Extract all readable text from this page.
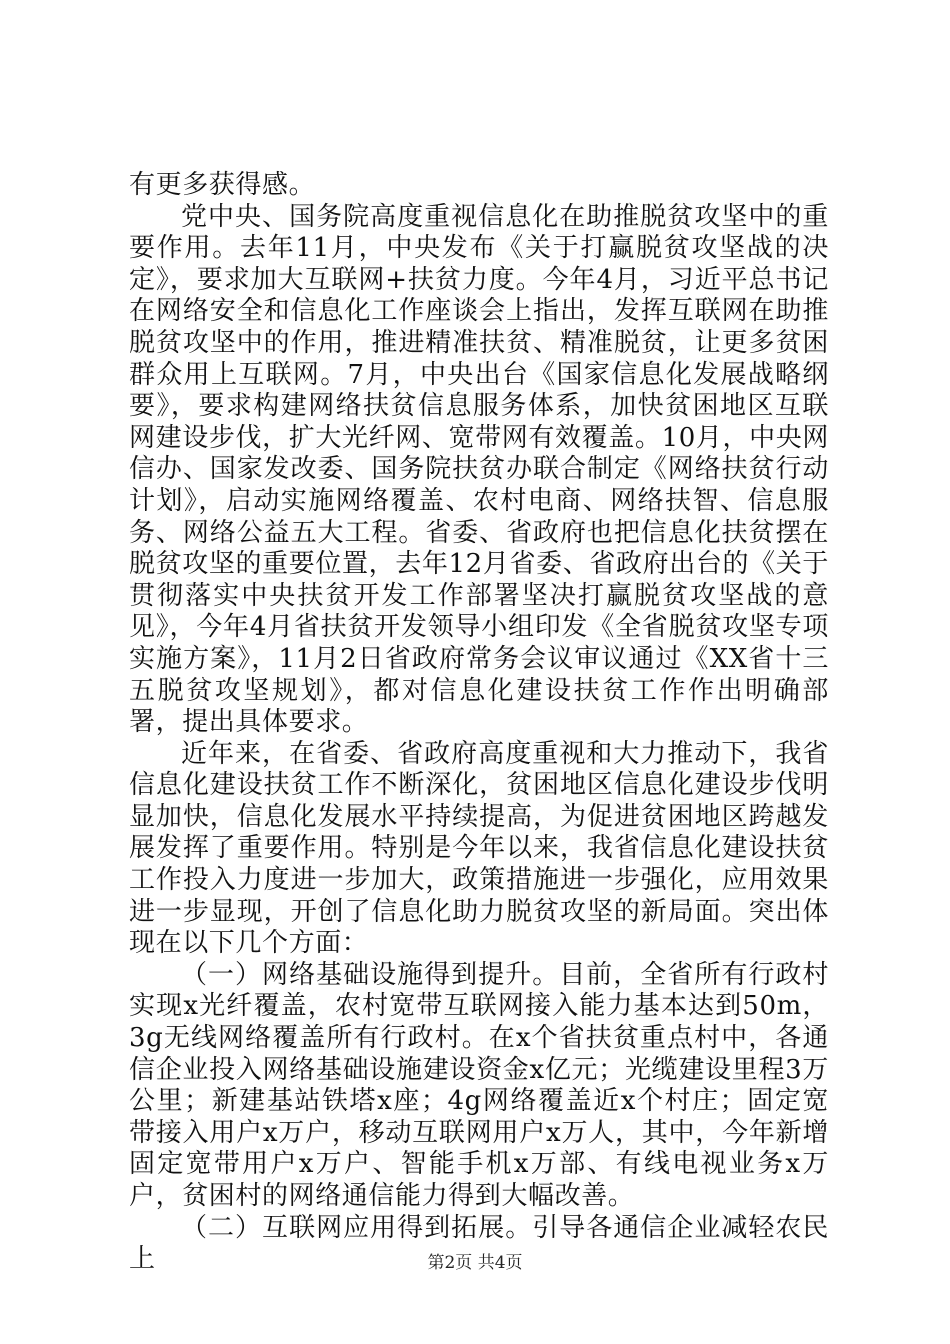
有更多获得感。

党中央、国务院高度重视信息化在助推脱贫攻坚中的重要作用。去年11月，中央发布《关于打赢脱贫攻坚战的决定》，要求加大互联网+扶贫力度。今年4月，习近平总书记在网络安全和信息化工作座谈会上指出，发挥互联网在助推脱贫攻坚中的作用，推进精准扶贫、精准脱贫，让更多贫困群众用上互联网。7月，中央出台《国家信息化发展战略纲要》，要求构建网络扶贫信息服务体系，加快贫困地区互联网建设步伐，扩大光纤网、宽带网有效覆盖。10月，中央网信办、国家发改委、国务院扶贫办联合制定《网络扶贫行动计划》，启动实施网络覆盖、农村电商、网络扶智、信息服务、网络公益五大工程。省委、省政府也把信息化扶贫摆在脱贫攻坚的重要位置，去年12月省委、省政府出台的《关于贯彻落实中央扶贫开发工作部署坚决打赢脱贫攻坚战的意见》，今年4月省扶贫开发领导小组印发《全省脱贫攻坚专项实施方案》，11月2日省政府常务会议审议通过《XX省十三五脱贫攻坚规划》，都对信息化建设扶贫工作作出明确部署，提出具体要求。

近年来，在省委、省政府高度重视和大力推动下，我省信息化建设扶贫工作不断深化，贫困地区信息化建设步伐明显加快，信息化发展水平持续提高，为促进贫困地区跨越发展发挥了重要作用。特别是今年以来，我省信息化建设扶贫工作投入力度进一步加大，政策措施进一步强化，应用效果进一步显现，开创了信息化助力脱贫攻坚的新局面。突出体现在以下几个方面：

（一）网络基础设施得到提升。目前，全省所有行政村实现x光纤覆盖，农村宽带互联网接入能力基本达到50m，3g无线网络覆盖所有行政村。在x个省扶贫重点村中，各通信企业投入网络基础设施建设资金x亿元；光缆建设里程3万公里；新建基站铁塔x座；4g网络覆盖近x个村庄；固定宽带接入用户x万户，移动互联网用户x万人，其中，今年新增固定宽带用户x万户、智能手机x万部、有线电视业务x万户，贫困村的网络通信能力得到大幅改善。

（二）互联网应用得到拓展。引导各通信企业减轻农民上	第2页 共4页
